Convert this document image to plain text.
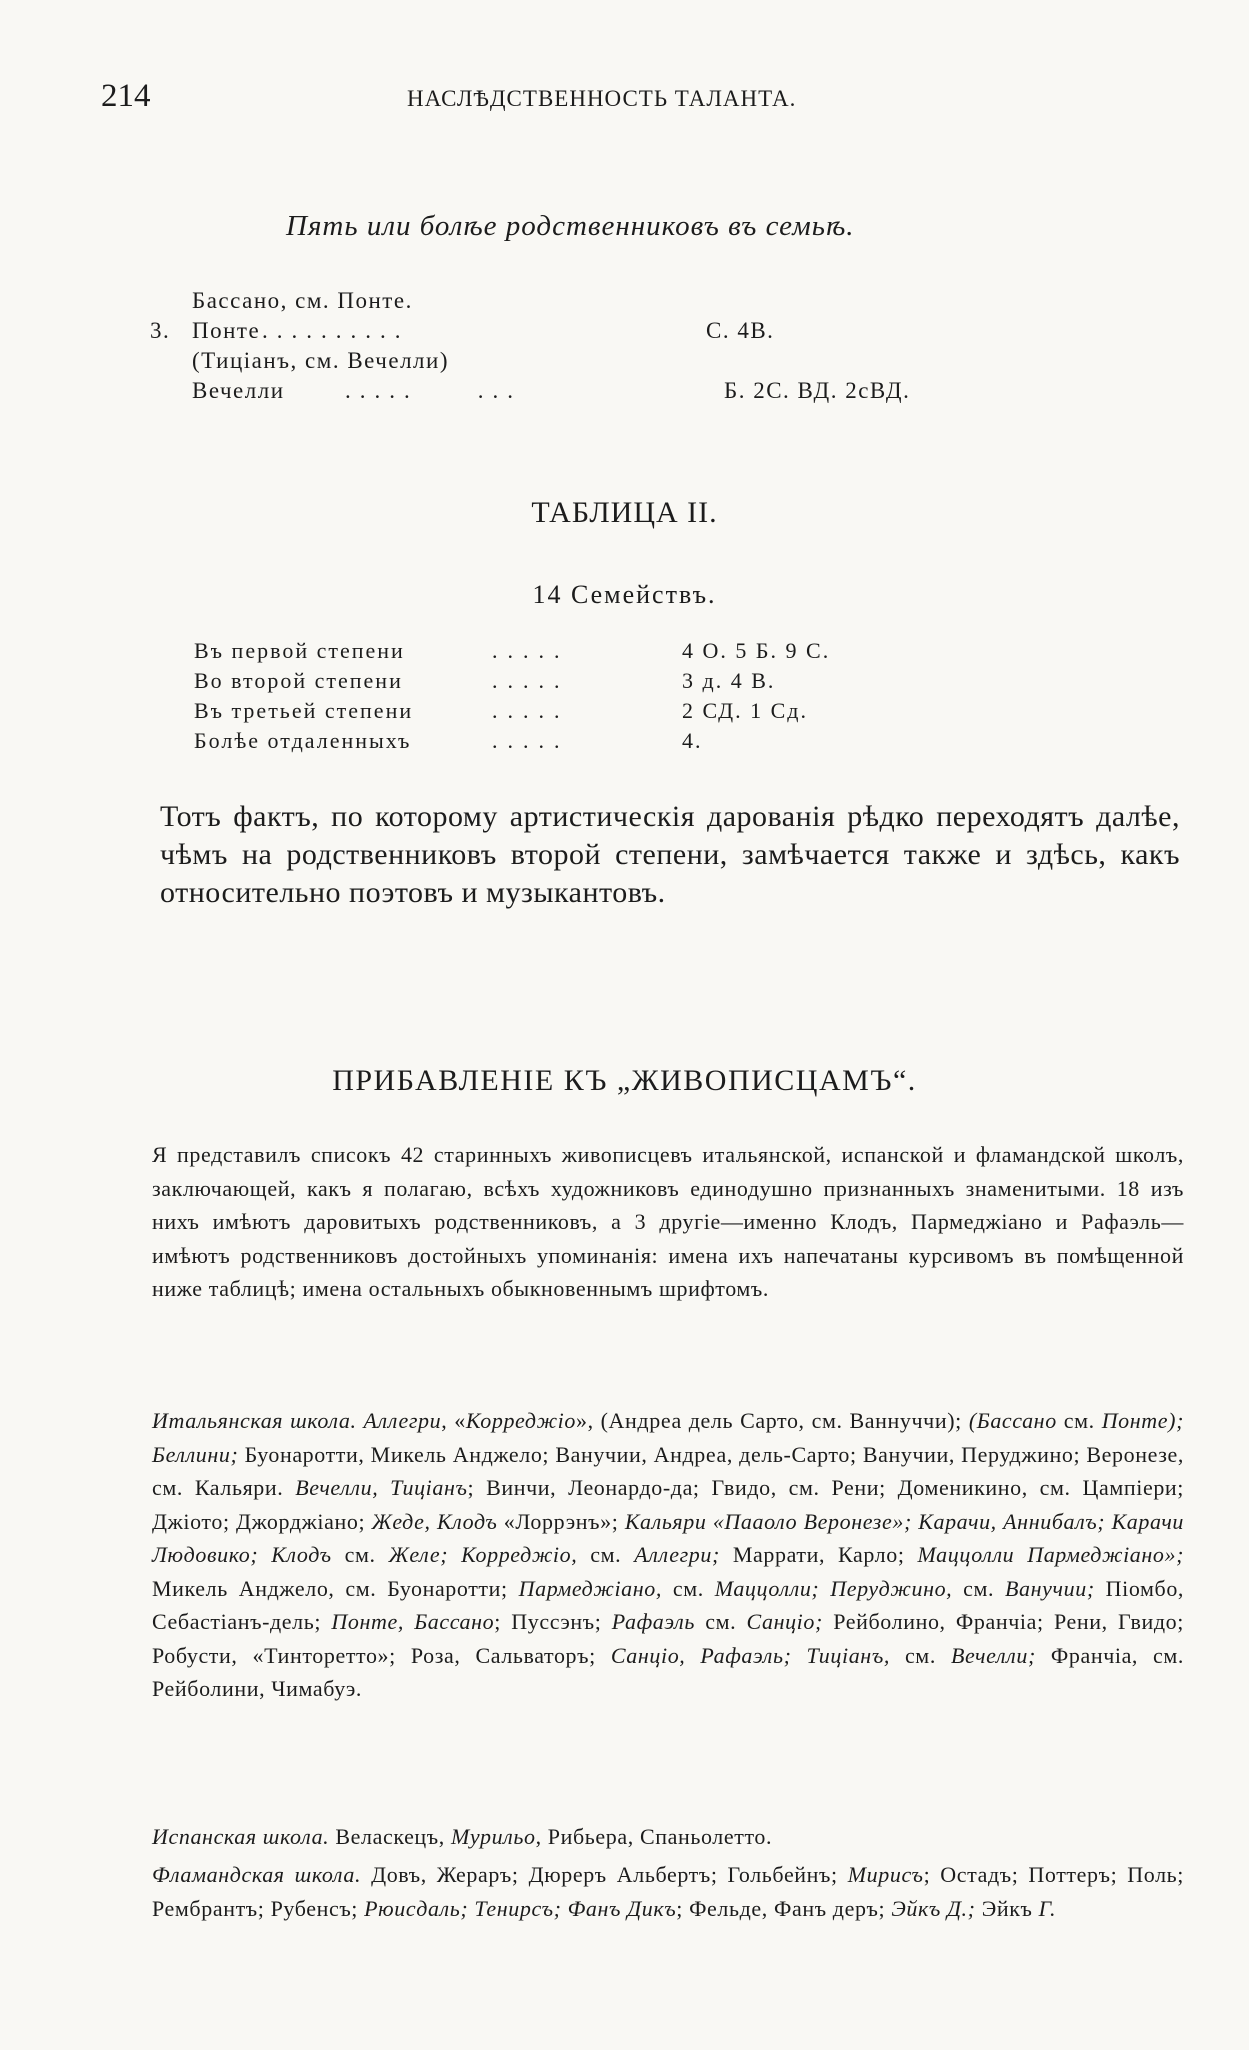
214	НАСЛѢДСТВЕННОСТЬ ТАЛАНТА.
Пять или болѣе родственниковъ въ семьѣ.
Бассано, см. Понте.
3. Понте ..........	С. 4В.
(Тиціанъ, см. Вечелли)
Вечелли	.....    ...	Б. 2С. ВД. 2сВД.
ТАБЛИЦА II.
14 Семействъ.
Въ первой степени	.....	4 О. 5 Б. 9 С.
Во второй степени	.....	3 д. 4 В.
Въ третьей степени	.....	2 СД. 1 Сд.
Болѣе отдаленныхъ	.....	4.

Тотъ фактъ, по которому артистическія дарованія рѣдко переходятъ далѣе, чѣмъ на родственниковъ второй степени, замѣчается также и здѣсь, какъ относительно поэтовъ и музыкантовъ.

ПРИБАВЛЕНІЕ КЪ „ЖИВОПИСЦАМЪ“.

Я представилъ списокъ 42 старинныхъ живописцевъ итальянской, испанской и фламандской школъ, заключающей, какъ я полагаю, всѣхъ художниковъ единодушно признанныхъ знаменитыми. 18 изъ нихъ имѣютъ даровитыхъ родственниковъ, а 3 другіе—именно Клодъ, Пармеджіано и Рафаэль—имѣютъ родственниковъ достойныхъ упоминанія: имена ихъ напечатаны курсивомъ въ помѣщенной ниже таблицѣ; имена остальныхъ обыкновеннымъ шрифтомъ.

Итальянская школа. Аллегри, «Корреджіо», (Андреа дель Сарто, см. Ваннуччи); (Бассано см. Понте); Беллини; Буонаротти, Микель Анджело; Ванучии, Андреа, дель-Сарто; Ванучии, Перуджино; Веронезе, см. Кальяри. Вечелли, Тиціанъ; Винчи, Леонардо-да; Гвидо, см. Рени; Доменикино, см. Цампіери; Джіото; Джорджіано; Жеде, Клодъ «Лоррэнъ»; Кальяри «Пааоло Веронезе»; Карачи, Аннибалъ; Карачи Людовико; Клодъ см. Желе; Корреджіо, см. Аллегри; Маррати, Карло; Маццолли Пармеджіано»; Микель Анджело, см. Буонаротти; Пармеджіано, см. Маццолли; Перуджино, см. Ванучии; Піомбо, Себастіанъ-дель; Понте, Бассано; Пуссэнъ; Рафаэль см. Санціо; Рейболино, Франчіа; Рени, Гвидо; Робусти, «Тинторетто»; Роза, Сальваторъ; Санціо, Рафаэль; Тиціанъ, см. Вечелли; Франчіа, см. Рейболини, Чимабуэ.

Испанская школа. Веласкецъ, Мурильо, Рибьера, Спаньолетто.

Фламандская школа. Довъ, Жераръ; Дюреръ Альбертъ; Гольбейнъ; Мирисъ; Остадъ; Поттеръ; Поль; Рембрантъ; Рубенсъ; Рюисдаль; Тенирсъ; Фанъ Дикъ; Фельде, Фанъ деръ; Эйкъ Д.; Эйкъ Г.
